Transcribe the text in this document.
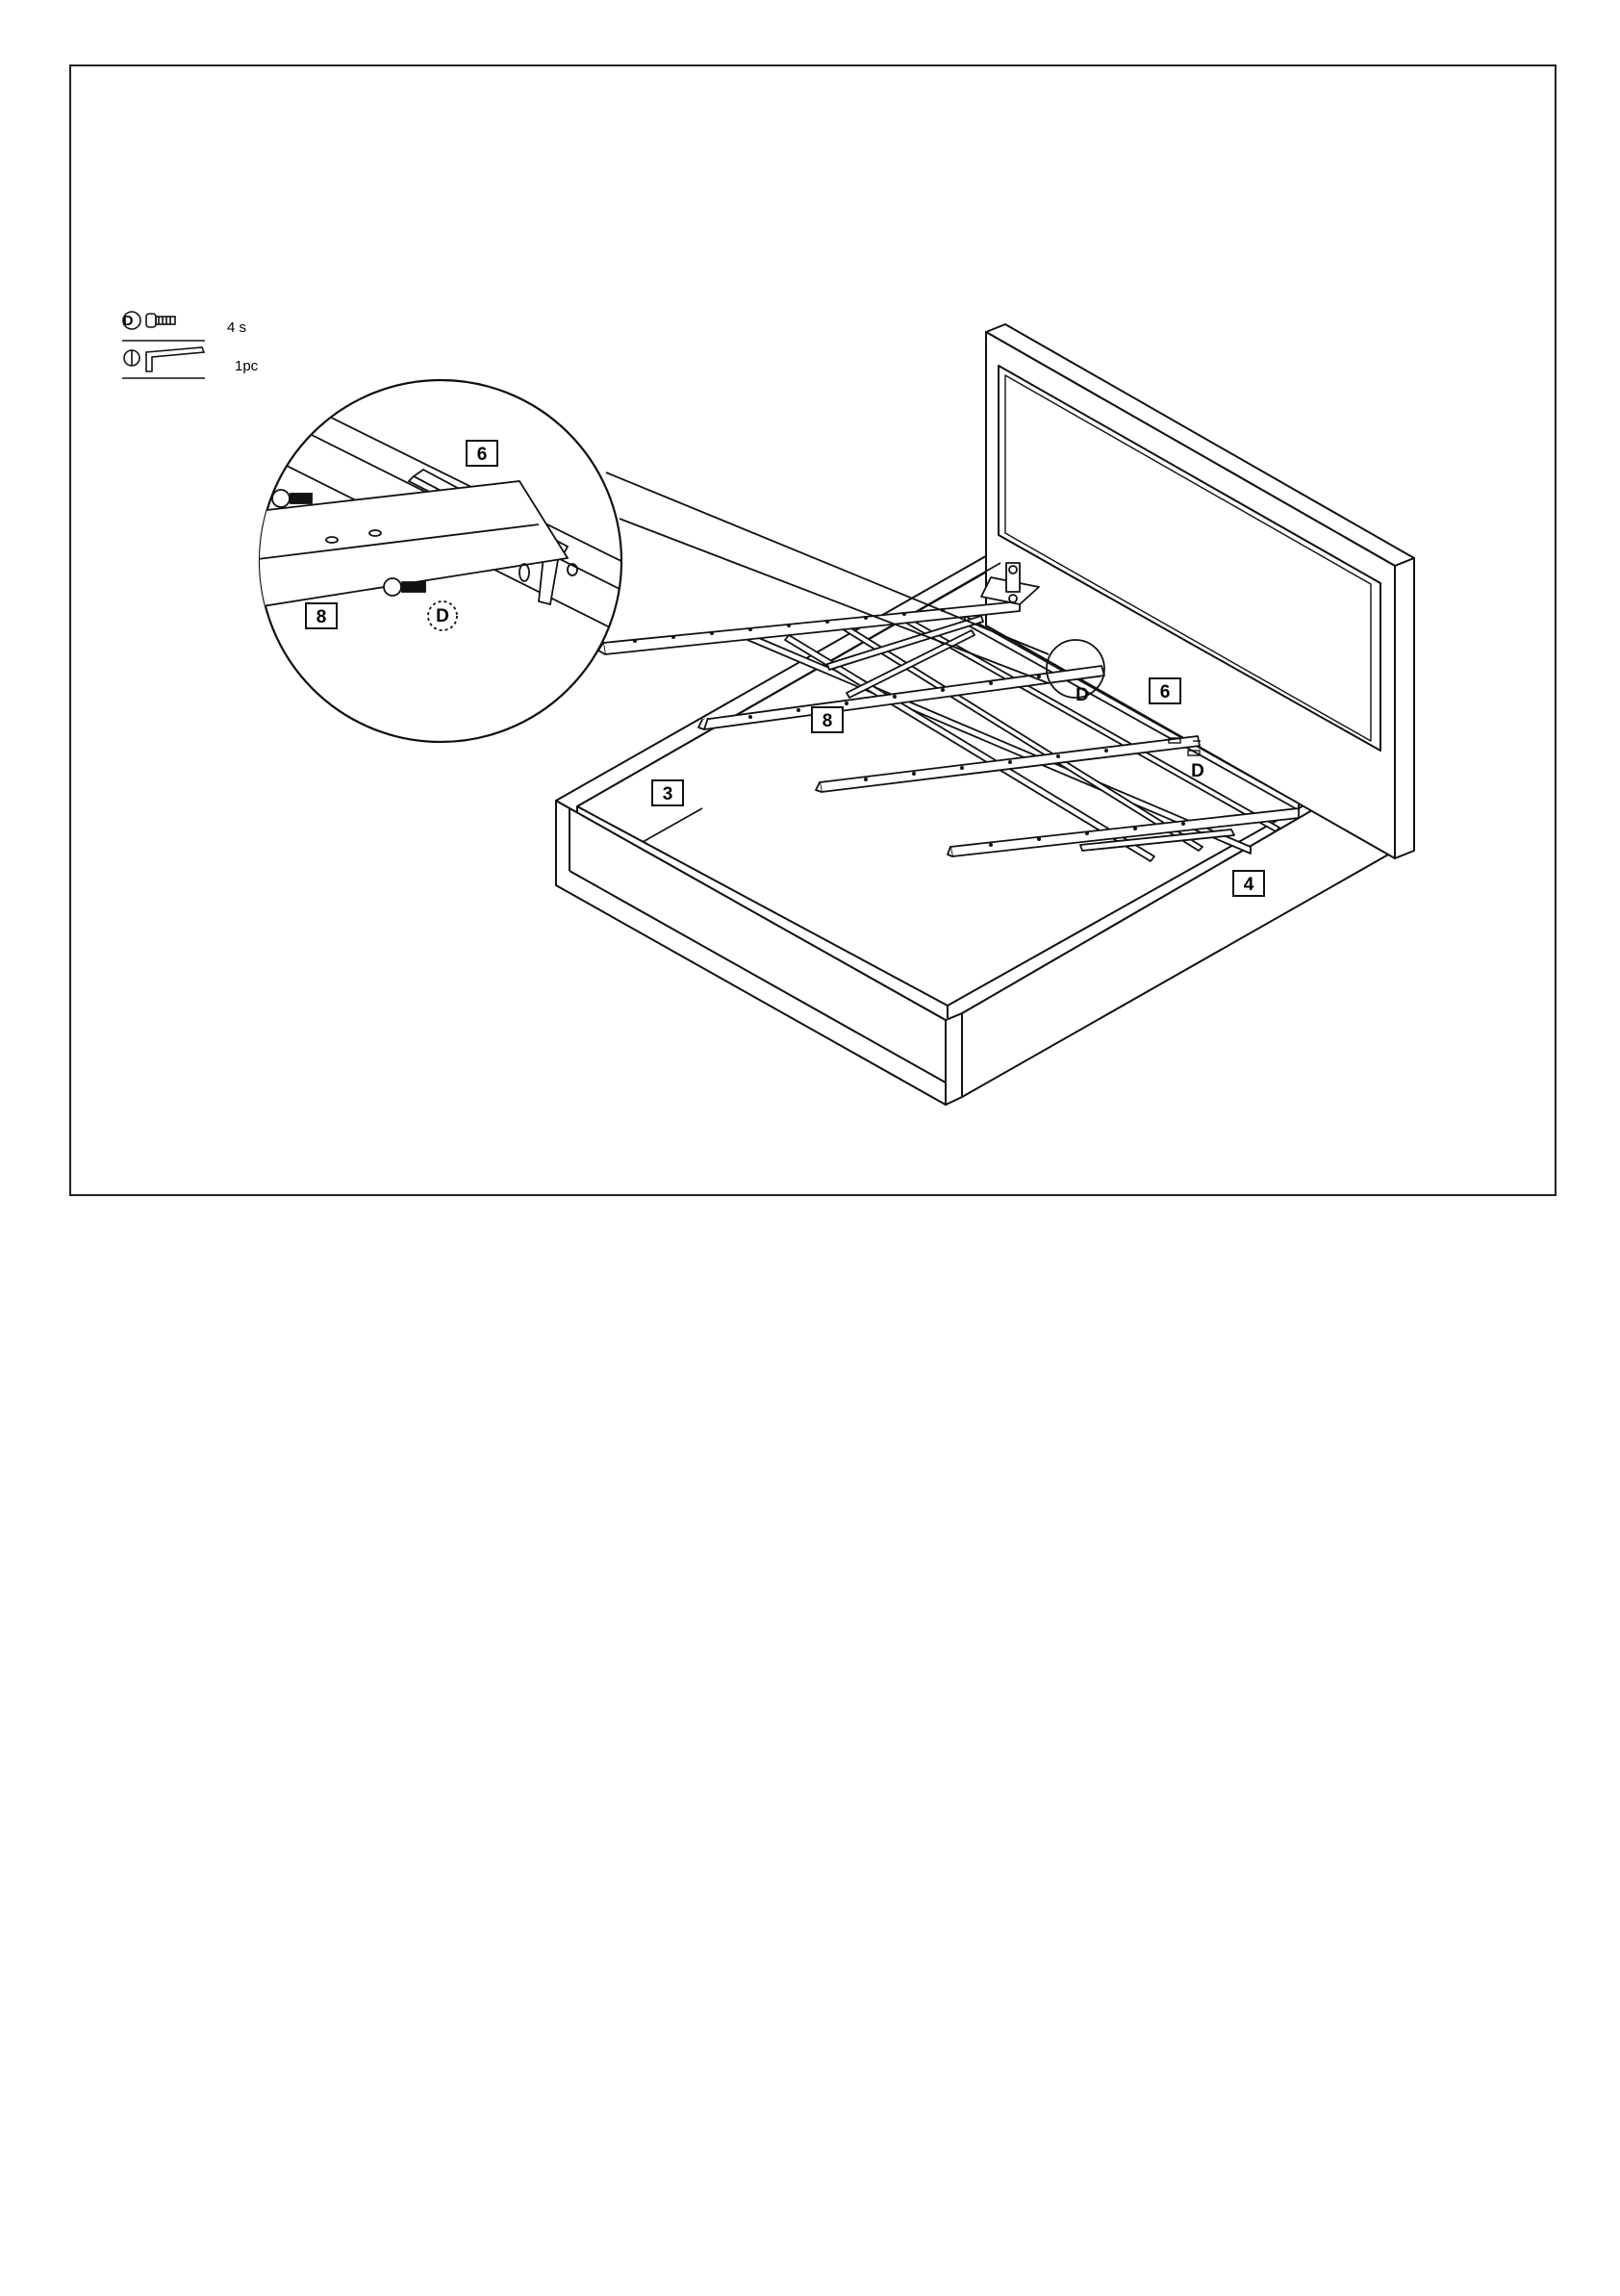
D	4 s
1pc
6
8	D
6
8
3
4
D
D
